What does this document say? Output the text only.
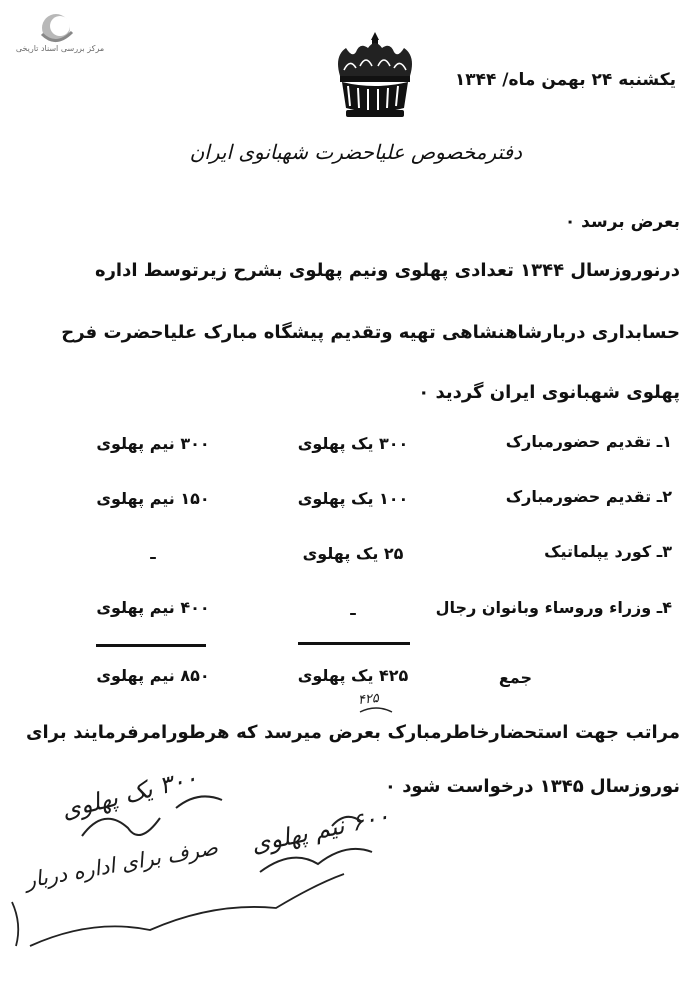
مرکز بررسی اسناد تاریخی
یکشنبه ۲۴ بهمن ماه/ ۱۳۴۴
دفترمخصوص علیاحضرت شهبانوی ایران
بعرض برسد ۰
درنوروزسال ۱۳۴۴ تعدادی پهلوی ونیم پهلوی بشرح زیرتوسط اداره
حسابداری دربارشاهنشاهی تهیه وتقدیم پیشگاه مبارک علیاحضرت فرح
پهلوی شهبانوی ایران گردید ۰
۱ـ تقدیم حضورمبارک
۳۰۰ یک پهلوی
۳۰۰ نیم پهلوی
۲ـ تقدیم حضورمبارک
۱۰۰ یک پهلوی
۱۵۰ نیم پهلوی
۳ـ کورد یپلماتیک
۲۵ یک پهلوی
ـ
۴ـ وزراء وروساء وبانوان رجال
ـ
۴۰۰ نیم پهلوی
جمع
۴۲۵ یک پهلوی
۸۵۰ نیم پهلوی
مراتب جهت استحضارخاطرمبارک بعرض میرسد که هرطورامرفرمایند برای
نوروزسال ۱۳۴۵ درخواست شود ۰
۴۲۵
۳۰۰ یک پهلوی
۶۰۰ نیم پهلوی
صرف برای اداره دربار
